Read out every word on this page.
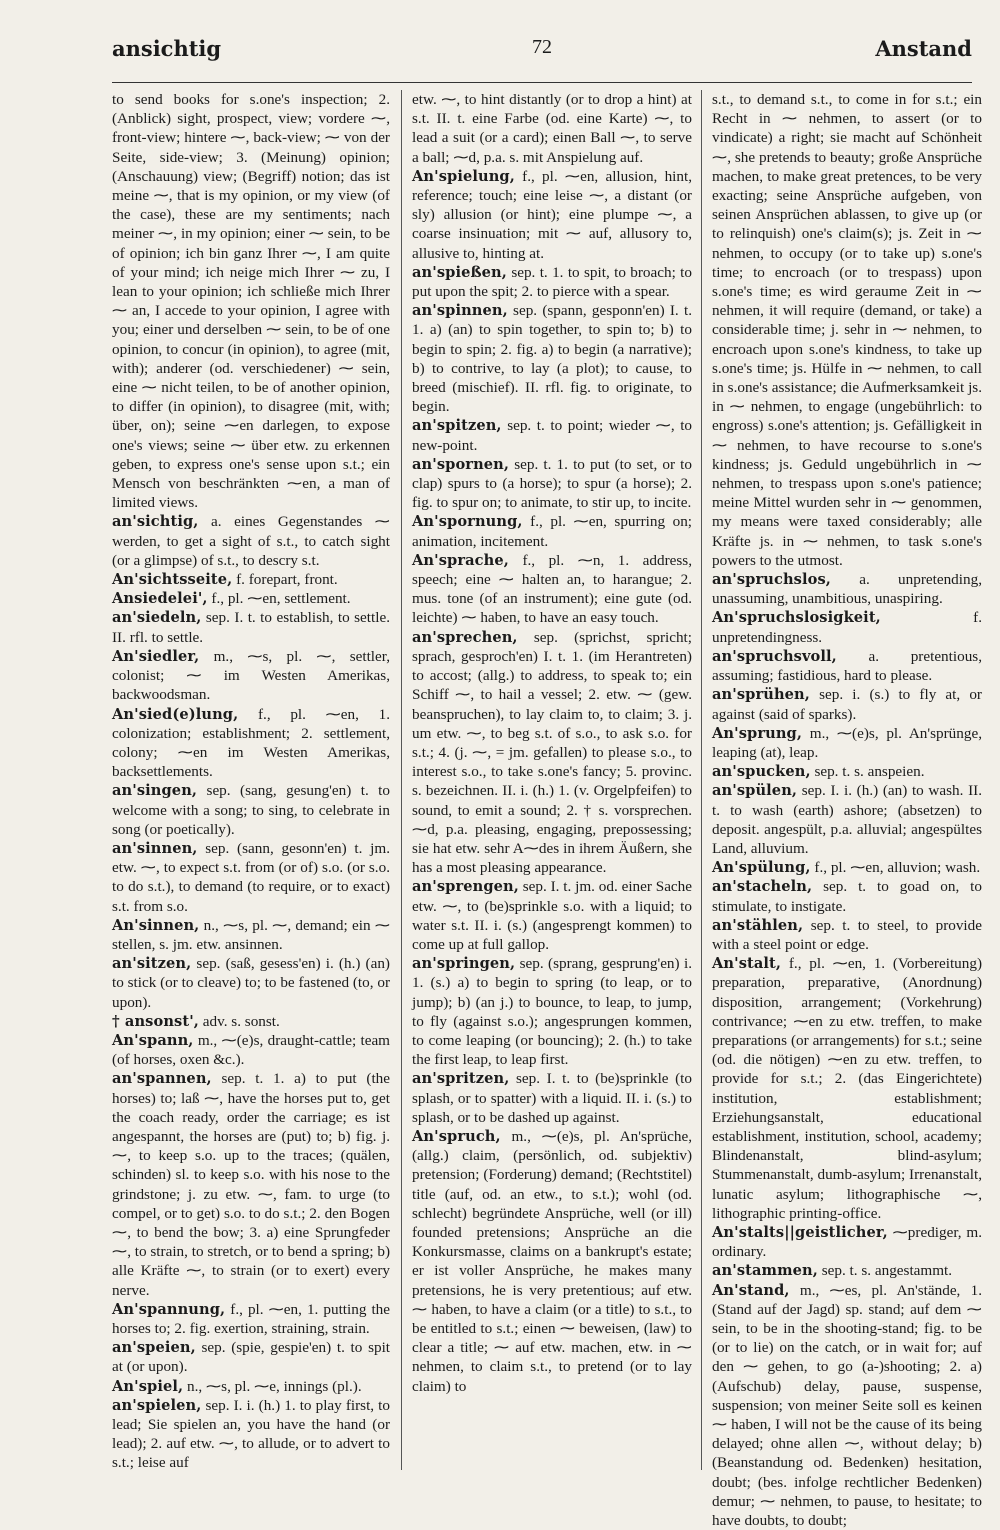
ansichtig	72	Anstand

to send books for s.one's inspection; 2. (Anblick) sight, prospect, view; vordere ⁓, front-view; hintere ⁓, back-view; ⁓ von der Seite, side-view; 3. (Meinung) opinion; (Anschauung) view; (Begriff) notion; das ist meine ⁓, that is my opinion, or my view (of the case), these are my sentiments; nach meiner ⁓, in my opinion; einer ⁓ sein, to be of opinion; ich bin ganz Ihrer ⁓, I am quite of your mind; ich neige mich Ihrer ⁓ zu, I lean to your opinion; ich schließe mich Ihrer ⁓ an, I accede to your opinion, I agree with you; einer und derselben ⁓ sein, to be of one opinion, to concur (in opinion), to agree (mit, with); anderer (od. verschiedener) ⁓ sein, eine ⁓ nicht teilen, to be of another opinion, to differ (in opinion), to disagree (mit, with; über, on); seine ⁓en darlegen, to expose one's views; seine ⁓ über etw. zu erkennen geben, to express one's sense upon s.t.; ein Mensch von beschränkten ⁓en, a man of limited views.

an'sichtig, a. eines Gegenstandes ⁓ werden, to get a sight of s.t., to catch sight (or a glimpse) of s.t., to descry s.t.

An'sichtsseite, f. forepart, front.

Ansiedelei', f., pl. ⁓en, settlement.

an'siedeln, sep. I. t. to establish, to settle. II. rfl. to settle.

An'siedler, m., ⁓s, pl. ⁓, settler, colonist; ⁓ im Westen Amerikas, backwoodsman.

An'sied(e)lung, f., pl. ⁓en, 1. colonization; establishment; 2. settlement, colony; ⁓en im Westen Amerikas, backsettlements.

an'singen, sep. (sang, gesung'en) t. to welcome with a song; to sing, to celebrate in song (or poetically).

an'sinnen, sep. (sann, gesonn'en) t. jm. etw. ⁓, to expect s.t. from (or of) s.o. (or s.o. to do s.t.), to demand (to require, or to exact) s.t. from s.o.

An'sinnen, n., ⁓s, pl. ⁓, demand; ein ⁓ stellen, s. jm. etw. ansinnen.

an'sitzen, sep. (saß, gesess'en) i. (h.) (an) to stick (or to cleave) to; to be fastened (to, or upon).

† ansonst', adv. s. sonst.

An'spann, m., ⁓(e)s, draught-cattle; team (of horses, oxen &c.).

an'spannen, sep. t. 1. a) to put (the horses) to; laß ⁓, have the horses put to, get the coach ready, order the carriage; es ist angespannt, the horses are (put) to; b) fig. j. ⁓, to keep s.o. up to the traces; (quälen, schinden) sl. to keep s.o. with his nose to the grindstone; j. zu etw. ⁓, fam. to urge (to compel, or to get) s.o. to do s.t.; 2. den Bogen ⁓, to bend the bow; 3. a) eine Sprungfeder ⁓, to strain, to stretch, or to bend a spring; b) alle Kräfte ⁓, to strain (or to exert) every nerve.

An'spannung, f., pl. ⁓en, 1. putting the horses to; 2. fig. exertion, straining, strain.

an'speien, sep. (spie, gespie'en) t. to spit at (or upon).

An'spiel, n., ⁓s, pl. ⁓e, innings (pl.).

an'spielen, sep. I. i. (h.) 1. to play first, to lead; Sie spielen an, you have the hand (or lead); 2. auf etw. ⁓, to allude, or to advert to s.t.; leise auf

etw. ⁓, to hint distantly (or to drop a hint) at s.t. II. t. eine Farbe (od. eine Karte) ⁓, to lead a suit (or a card); einen Ball ⁓, to serve a ball; ⁓d, p.a. s. mit Anspielung auf.

An'spielung, f., pl. ⁓en, allusion, hint, reference; touch; eine leise ⁓, a distant (or sly) allusion (or hint); eine plumpe ⁓, a coarse insinuation; mit ⁓ auf, allusory to, allusive to, hinting at.

an'spießen, sep. t. 1. to spit, to broach; to put upon the spit; 2. to pierce with a spear.

an'spinnen, sep. (spann, gesponn'en) I. t. 1. a) (an) to spin together, to spin to; b) to begin to spin; 2. fig. a) to begin (a narrative); b) to contrive, to lay (a plot); to cause, to breed (mischief). II. rfl. fig. to originate, to begin.

an'spitzen, sep. t. to point; wieder ⁓, to new-point.

an'spornen, sep. t. 1. to put (to set, or to clap) spurs to (a horse); to spur (a horse); 2. fig. to spur on; to animate, to stir up, to incite.

An'spornung, f., pl. ⁓en, spurring on; animation, incitement.

An'sprache, f., pl. ⁓n, 1. address, speech; eine ⁓ halten an, to harangue; 2. mus. tone (of an instrument); eine gute (od. leichte) ⁓ haben, to have an easy touch.

an'sprechen, sep. (sprichst, spricht; sprach, gesproch'en) I. t. 1. (im Herantreten) to accost; (allg.) to address, to speak to; ein Schiff ⁓, to hail a vessel; 2. etw. ⁓ (gew. beanspruchen), to lay claim to, to claim; 3. j. um etw. ⁓, to beg s.t. of s.o., to ask s.o. for s.t.; 4. (j. ⁓, = jm. gefallen) to please s.o., to interest s.o., to take s.one's fancy; 5. provinc. s. bezeichnen. II. i. (h.) 1. (v. Orgelpfeifen) to sound, to emit a sound; 2. † s. vorsprechen. ⁓d, p.a. pleasing, engaging, prepossessing; sie hat etw. sehr A⁓des in ihrem Äußern, she has a most pleasing appearance.

an'sprengen, sep. I. t. jm. od. einer Sache etw. ⁓, to (be)sprinkle s.o. with a liquid; to water s.t. II. i. (s.) (angesprengt kommen) to come up at full gallop.

an'springen, sep. (sprang, gesprung'en) i. 1. (s.) a) to begin to spring (to leap, or to jump); b) (an j.) to bounce, to leap, to jump, to fly (against s.o.); angesprungen kommen, to come leaping (or bouncing); 2. (h.) to take the first leap, to leap first.

an'spritzen, sep. I. t. to (be)sprinkle (to splash, or to spatter) with a liquid. II. i. (s.) to splash, or to be dashed up against.

An'spruch, m., ⁓(e)s, pl. An'sprüche, (allg.) claim, (persönlich, od. subjektiv) pretension; (Forderung) demand; (Rechtstitel) title (auf, od. an etw., to s.t.); wohl (od. schlecht) begründete Ansprüche, well (or ill) founded pretensions; Ansprüche an die Konkursmasse, claims on a bankrupt's estate; er ist voller Ansprüche, he makes many pretensions, he is very pretentious; auf etw. ⁓ haben, to have a claim (or a title) to s.t., to be entitled to s.t.; einen ⁓ beweisen, (law) to clear a title; ⁓ auf etw. machen, etw. in ⁓ nehmen, to claim s.t., to pretend (or to lay claim) to

s.t., to demand s.t., to come in for s.t.; ein Recht in ⁓ nehmen, to assert (or to vindicate) a right; sie macht auf Schönheit ⁓, she pretends to beauty; große Ansprüche machen, to make great pretences, to be very exacting; seine Ansprüche aufgeben, von seinen Ansprüchen ablassen, to give up (or to relinquish) one's claim(s); js. Zeit in ⁓ nehmen, to occupy (or to take up) s.one's time; to encroach (or to trespass) upon s.one's time; es wird geraume Zeit in ⁓ nehmen, it will require (demand, or take) a considerable time; j. sehr in ⁓ nehmen, to encroach upon s.one's kindness, to take up s.one's time; js. Hülfe in ⁓ nehmen, to call in s.one's assistance; die Aufmerksamkeit js. in ⁓ nehmen, to engage (ungebührlich: to engross) s.one's attention; js. Gefälligkeit in ⁓ nehmen, to have recourse to s.one's kindness; js. Geduld ungebührlich in ⁓ nehmen, to trespass upon s.one's patience; meine Mittel wurden sehr in ⁓ genommen, my means were taxed considerably; alle Kräfte js. in ⁓ nehmen, to task s.one's powers to the utmost.

an'spruchslos, a. unpretending, unassuming, unambitious, unaspiring.

An'spruchslosigkeit,	f. unpretendingness.

an'spruchsvoll, a. pretentious, assuming; fastidious, hard to please.

an'sprühen, sep. i. (s.) to fly at, or against (said of sparks).

An'sprung, m., ⁓(e)s, pl. An'sprünge, leaping (at), leap.

an'spucken, sep. t. s. anspeien.

an'spülen, sep. I. i. (h.) (an) to wash. II. t. to wash (earth) ashore; (absetzen) to deposit. angespült, p.a. alluvial; angespültes Land, alluvium.

An'spülung, f., pl. ⁓en, alluvion; wash.

an'stacheln, sep. t. to goad on, to stimulate, to instigate.

an'stählen, sep. t. to steel, to provide with a steel point or edge.

An'stalt, f., pl. ⁓en, 1. (Vorbereitung) preparation, preparative, (Anordnung) disposition, arrangement; (Vorkehrung) contrivance; ⁓en zu etw. treffen, to make preparations (or arrangements) for s.t.; seine (od. die nötigen) ⁓en zu etw. treffen, to provide for s.t.; 2. (das Eingerichtete) institution, establishment; Erziehungsanstalt, educational establishment, institution, school, academy; Blindenanstalt, blind-asylum; Stummenanstalt, dumb-asylum; Irrenanstalt, lunatic asylum; lithographische ⁓, lithographic printing-office.

An'stalts||geistlicher, ⁓prediger, m. ordinary.

an'stammen, sep. t. s. angestammt.

An'stand, m., ⁓es, pl. An'stände, 1. (Stand auf der Jagd) sp. stand; auf dem ⁓ sein, to be in the shooting-stand; fig. to be (or to lie) on the catch, or in wait for; auf den ⁓ gehen, to go (a-)shooting; 2. a) (Aufschub) delay, pause, suspense, suspension; von meiner Seite soll es keinen ⁓ haben, I will not be the cause of its being delayed; ohne allen ⁓, without delay; b) (Beanstandung od. Bedenken) hesitation, doubt; (bes. infolge rechtlicher Bedenken) demur; ⁓ nehmen, to pause, to hesitate; to have doubts, to doubt;
